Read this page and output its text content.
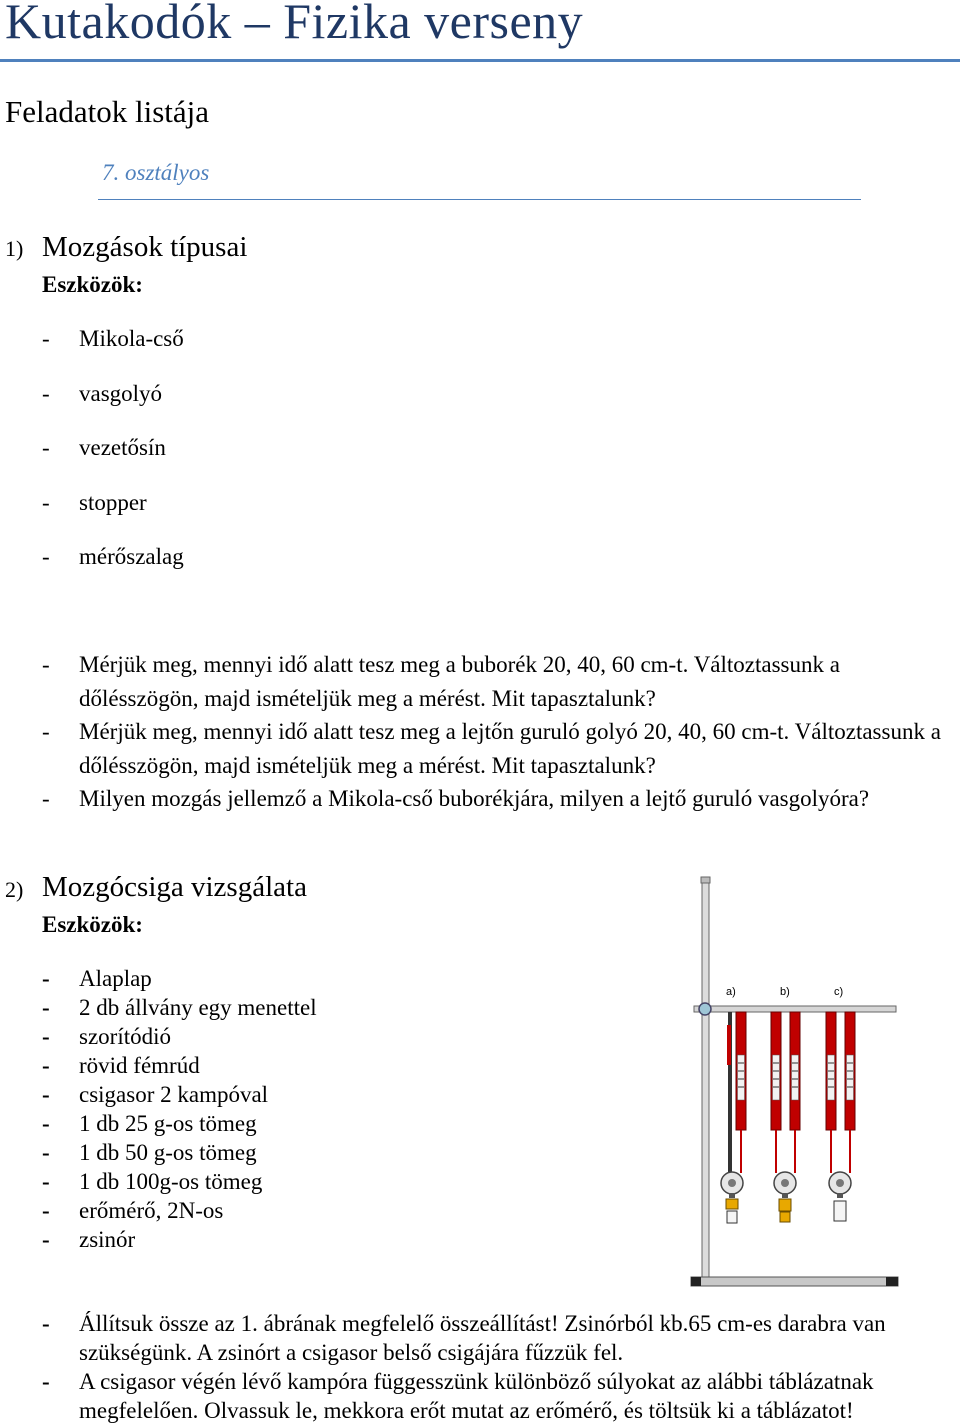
Kutakodók – Fizika verseny
Feladatok listája
7. osztályos
1) Mozgások típusai
Eszközök:
- Mikola-cső
- vasgolyó
- vezetősín
- stopper
- mérőszalag
- Mérjük meg, mennyi idő alatt tesz meg a buborék 20, 40, 60 cm-t. Változtassunk a dőlésszögön, majd ismételjük meg a mérést. Mit tapasztalunk?
- Mérjük meg, mennyi idő alatt tesz meg a lejtőn guruló golyó 20, 40, 60 cm-t. Változtassunk a dőlésszögön, majd ismételjük meg a mérést. Mit tapasztalunk?
- Milyen mozgás jellemző a Mikola-cső buborékjára, milyen a lejtő guruló vasgolyóra?
2) Mozgócsiga vizsgálata
Eszközök:
- Alaplap
- 2 db állvány egy menettel
- szorítódió
- rövid fémrúd
- csigasor 2 kampóval
- 1 db 25 g-os tömeg
- 1 db 50 g-os tömeg
- 1 db 100g-os tömeg
- erőmérő, 2N-os
- zsinór
a)	b)	c)
- Állítsuk össze az 1. ábrának megfelelő összeállítást! Zsinórból kb.65 cm-es darabra van szükségünk. A zsinórt a csigasor belső csigájára fűzzük fel.
- A csigasor végén lévő kampóra függesszünk különböző súlyokat az alábbi táblázatnak megfelelően. Olvassuk le, mekkora erőt mutat az erőmérő, és töltsük ki a táblázatot!
